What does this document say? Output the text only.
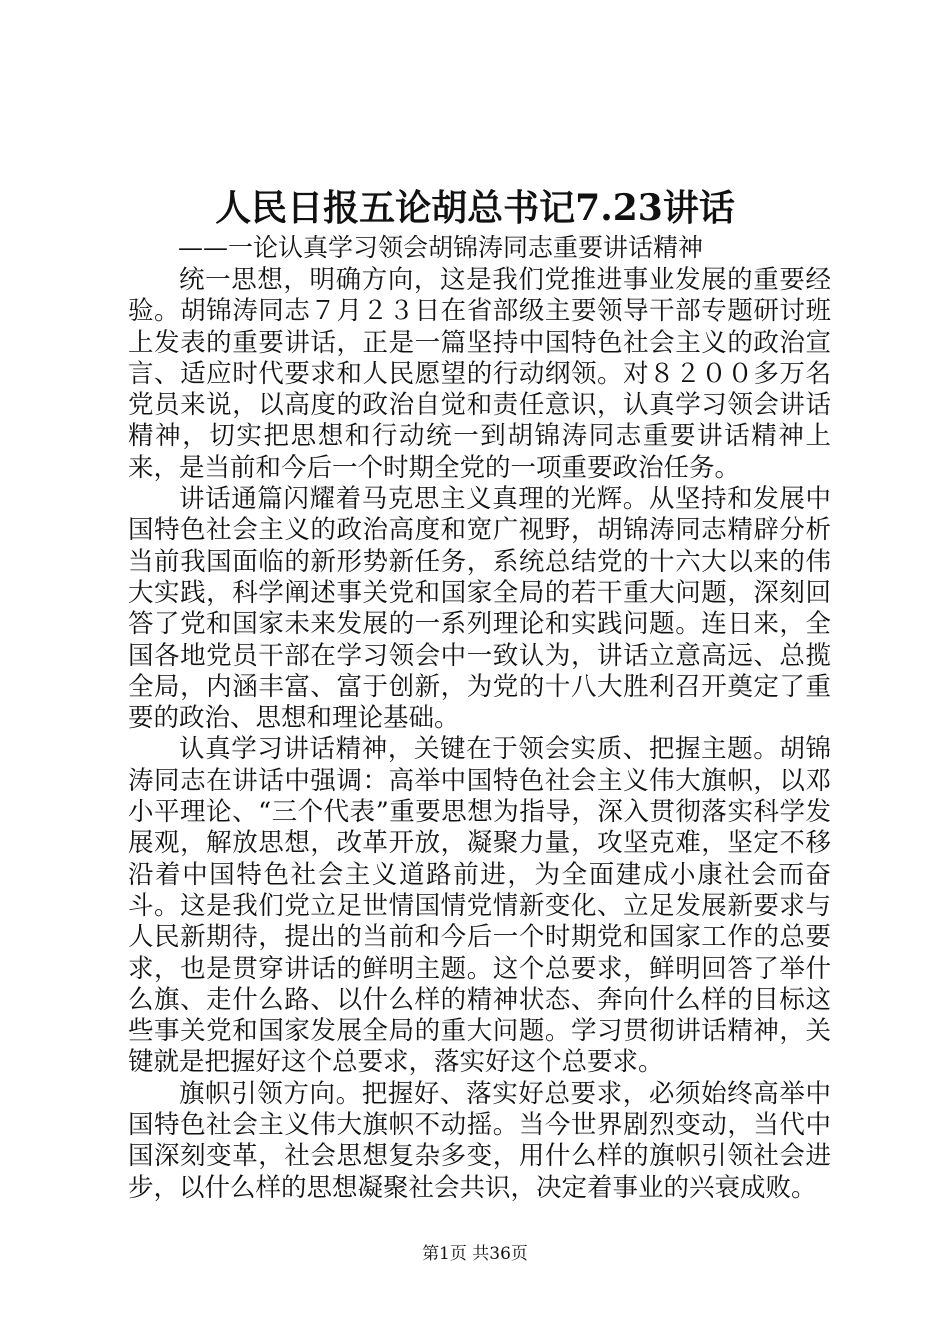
人民日报五论胡总书记7.23讲话
——一论认真学习领会胡锦涛同志重要讲话精神

统一思想，明确方向，这是我们党推进事业发展的重要经验。胡锦涛同志７月２３日在省部级主要领导干部专题研讨班上发表的重要讲话，正是一篇坚持中国特色社会主义的政治宣言、适应时代要求和人民愿望的行动纲领。对８２００多万名党员来说，以高度的政治自觉和责任意识，认真学习领会讲话精神，切实把思想和行动统一到胡锦涛同志重要讲话精神上来，是当前和今后一个时期全党的一项重要政治任务。

讲话通篇闪耀着马克思主义真理的光辉。从坚持和发展中国特色社会主义的政治高度和宽广视野，胡锦涛同志精辟分析当前我国面临的新形势新任务，系统总结党的十六大以来的伟大实践，科学阐述事关党和国家全局的若干重大问题，深刻回答了党和国家未来发展的一系列理论和实践问题。连日来，全国各地党员干部在学习领会中一致认为，讲话立意高远、总揽全局，内涵丰富、富于创新，为党的十八大胜利召开奠定了重要的政治、思想和理论基础。

认真学习讲话精神，关键在于领会实质、把握主题。胡锦涛同志在讲话中强调：高举中国特色社会主义伟大旗帜，以邓小平理论、“三个代表”重要思想为指导，深入贯彻落实科学发展观，解放思想，改革开放，凝聚力量，攻坚克难，坚定不移沿着中国特色社会主义道路前进，为全面建成小康社会而奋斗。这是我们党立足世情国情党情新变化、立足发展新要求与人民新期待，提出的当前和今后一个时期党和国家工作的总要求，也是贯穿讲话的鲜明主题。这个总要求，鲜明回答了举什么旗、走什么路、以什么样的精神状态、奔向什么样的目标这些事关党和国家发展全局的重大问题。学习贯彻讲话精神，关键就是把握好这个总要求，落实好这个总要求。

旗帜引领方向。把握好、落实好总要求，必须始终高举中国特色社会主义伟大旗帜不动摇。当今世界剧烈变动，当代中国深刻变革，社会思想复杂多变，用什么样的旗帜引领社会进步，以什么样的思想凝聚社会共识，决定着事业的兴衰成败。

第1页 共36页
